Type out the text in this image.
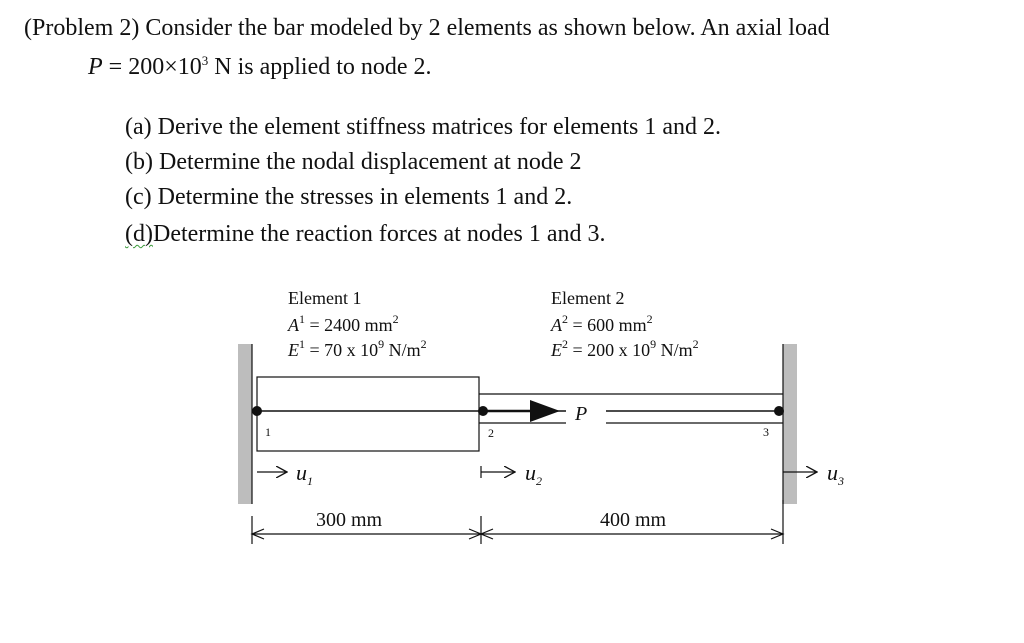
(Problem 2) Consider the bar modeled by 2 elements as shown below. An axial load
$P = 200\times 10^3$ N is applied to node 2.
(a) Derive the element stiffness matrices for elements 1 and 2.
(b) Determine the nodal displacement at node 2
(c) Determine the stresses in elements 1 and 2.
(d)Determine the reaction forces at nodes 1 and 3.
Element 1
$A^1 = 2400$ $mm^2$
$E^1 = 70$ x $10^9$ $N/m^2$
Element 2
$A^2 = 600$ $mm^2$
$E^2 = 200$ x $10^9$ $N/m^2$
P
1	2	3
$u_1$	$u_2$	$u_3$
300 mm	400 mm
